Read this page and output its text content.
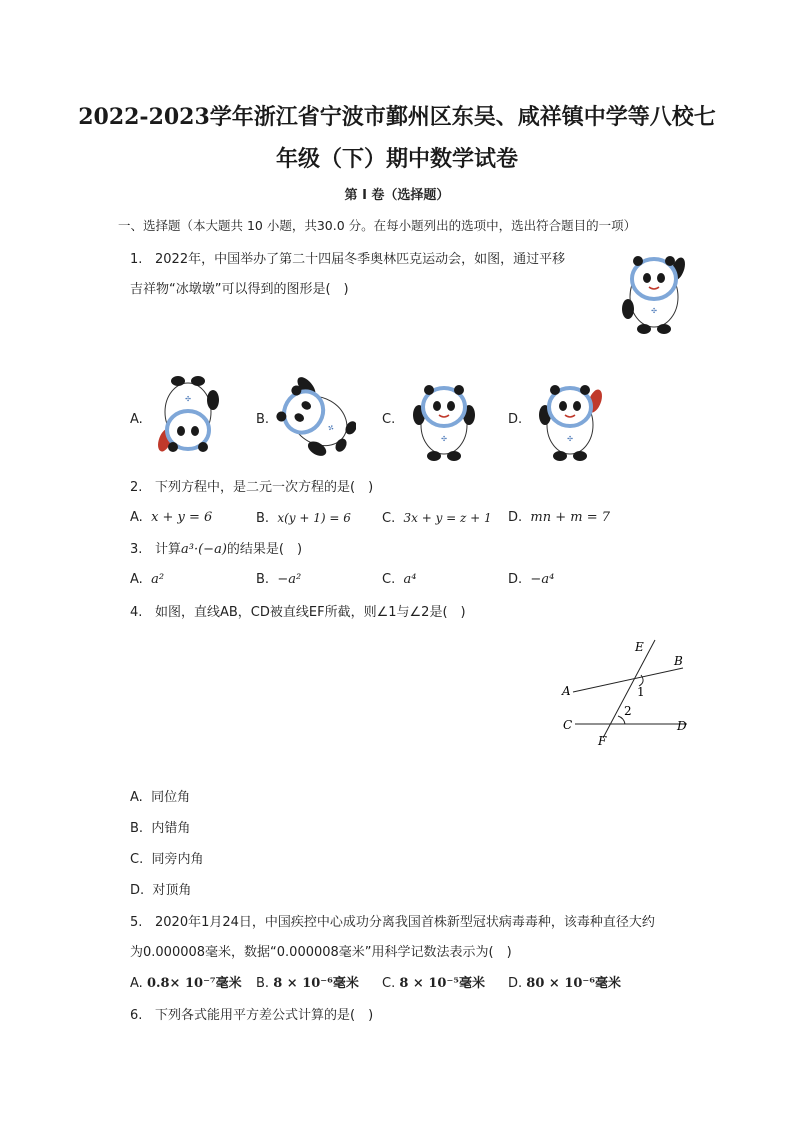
2022-2023学年浙江省宁波市鄞州区东吴、咸祥镇中学等八校七
年级（下）期中数学试卷
第 I 卷（选择题）
一、选择题（本大题共 10 小题，共30.0 分。在每小题列出的选项中，选出符合题目的一项）
1. 2022年，中国举办了第二十四届冬季奥林匹克运动会，如图，通过平移
吉祥物“冰墩墩”可以得到的图形是(　)
✣
A.
✣
B.
✣
C.
✣
D.
✣
2. 下列方程中，是二元一次方程的是(　)
A. x + y = 6	B. x(y + 1) = 6 C. 3x + y = z + 1 D. mn + m = 7
3. 计算a³·(−a)的结果是(　)
A. a²	B. −a²	C. a⁴	D. −a⁴
4. 如图，直线AB，CD被直线EF所截，则∠1与∠2是(　)
E
B
A	1
2
C	D
F
A. 同位角
B. 内错角
C. 同旁内角
D. 对顶角
5. 2020年1月24日，中国疾控中心成功分离我国首株新型冠状病毒毒种，该毒种直径大约
为0.000008毫米，数据“0.000008毫米”用科学记数法表示为(　)
A. 0.8× 10⁻⁷毫米 B. 8 × 10⁻⁶毫米 C. 8 × 10⁻⁵毫米 D. 80 × 10⁻⁶毫米
6. 下列各式能用平方差公式计算的是(　)
